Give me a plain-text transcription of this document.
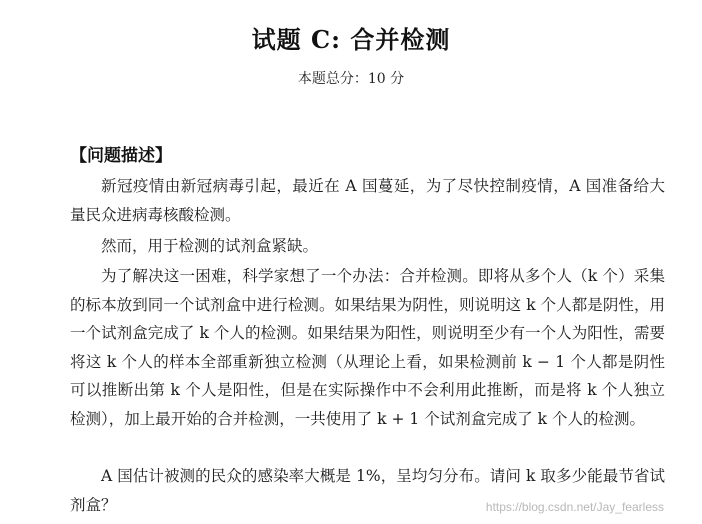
试题 C: 合并检测
本题总分：10 分
【问题描述】

新冠疫情由新冠病毒引起，最近在 A 国蔓延，为了尽快控制疫情，A 国准备给大量民众进病毒核酸检测。

然而，用于检测的试剂盒紧缺。

为了解决这一困难，科学家想了一个办法：合并检测。即将从多个人（k 个）采集的标本放到同一个试剂盒中进行检测。如果结果为阴性，则说明这 k 个人都是阴性，用一个试剂盒完成了 k 个人的检测。如果结果为阳性，则说明至少有一个人为阳性，需要将这 k 个人的样本全部重新独立检测（从理论上看，如果检测前 k − 1 个人都是阴性可以推断出第 k 个人是阳性，但是在实际操作中不会利用此推断，而是将 k 个人独立检测），加上最开始的合并检测，一共使用了 k + 1 个试剂盒完成了 k 个人的检测。

A 国估计被测的民众的感染率大概是 1%，呈均匀分布。请问 k 取多少能最节省试剂盒？	https://blog.csdn.net/Jay_fearless
